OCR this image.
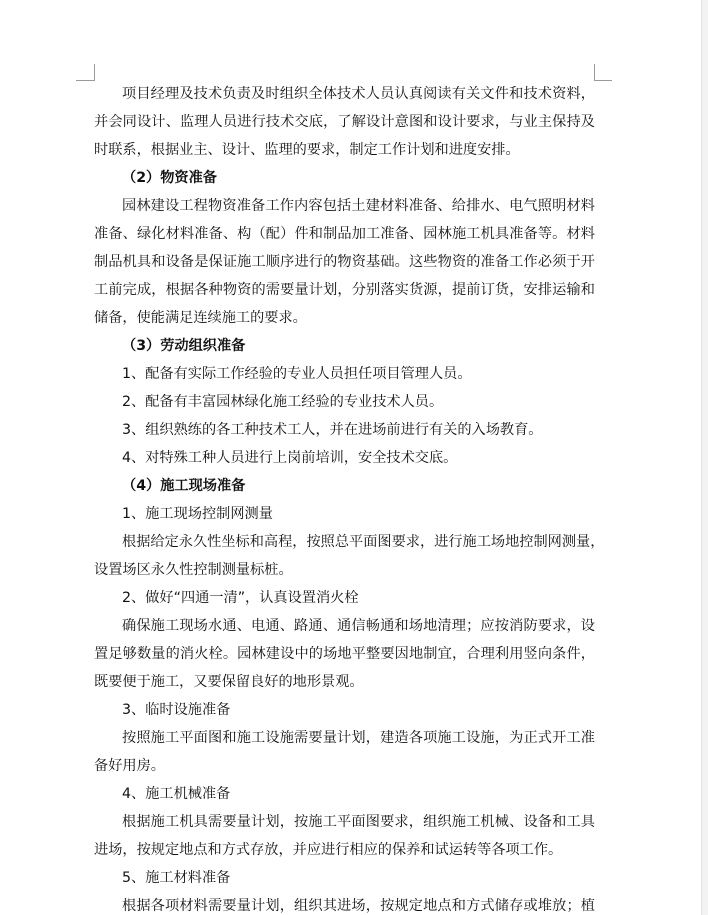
项目经理及技术负责及时组织全体技术人员认真阅读有关文件和技术资料，
并会同设计、监理人员进行技术交底，了解设计意图和设计要求，与业主保持及
时联系，根据业主、设计、监理的要求，制定工作计划和进度安排。
（2）物资准备
园林建设工程物资准备工作内容包括土建材料准备、给排水、电气照明材料
准备、绿化材料准备、构（配）件和制品加工准备、园林施工机具准备等。材料
制品机具和设备是保证施工顺序进行的物资基础。这些物资的准备工作必须于开
工前完成，根据各种物资的需要量计划，分别落实货源，提前订货，安排运输和
储备，使能满足连续施工的要求。
（3）劳动组织准备
1、配备有实际工作经验的专业人员担任项目管理人员。
2、配备有丰富园林绿化施工经验的专业技术人员。
3、组织熟练的各工种技术工人，并在进场前进行有关的入场教育。
4、对特殊工种人员进行上岗前培训，安全技术交底。
（4）施工现场准备
1、施工现场控制网测量
根据给定永久性坐标和高程，按照总平面图要求，进行施工场地控制网测量，
设置场区永久性控制测量标桩。
2、做好“四通一清”，认真设置消火栓
确保施工现场水通、电通、路通、通信畅通和场地清理；应按消防要求，设
置足够数量的消火栓。园林建设中的场地平整要因地制宜，合理利用竖向条件，
既要便于施工，又要保留良好的地形景观。
3、临时设施准备
按照施工平面图和施工设施需要量计划，建造各项施工设施，为正式开工准
备好用房。
4、施工机械准备
根据施工机具需要量计划，按施工平面图要求，组织施工机械、设备和工具
进场，按规定地点和方式存放，并应进行相应的保养和试运转等各项工作。
5、施工材料准备
根据各项材料需要量计划，组织其进场，按规定地点和方式储存或堆放；植
